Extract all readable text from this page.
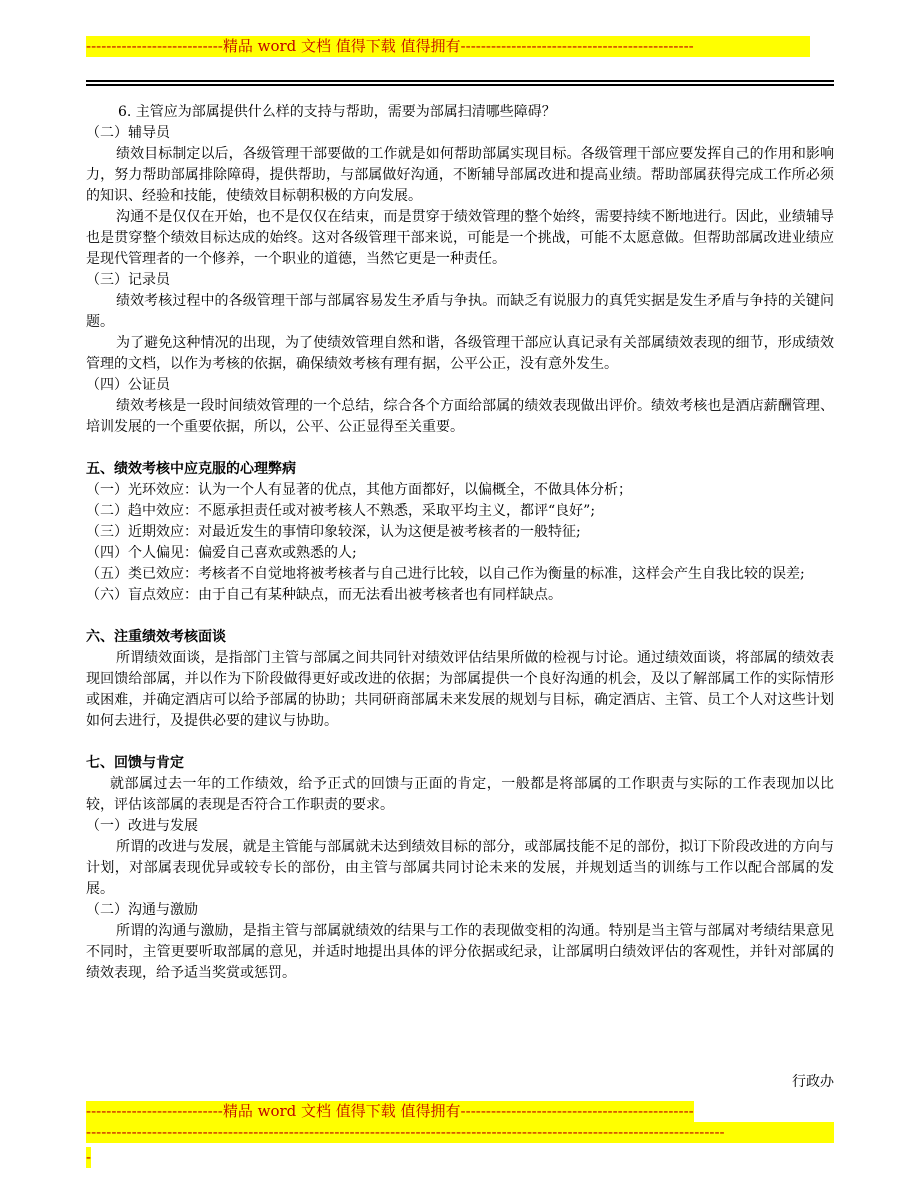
---------------------------精品 word 文档 值得下载 值得拥有----------------------------------------------
6. 主管应为部属提供什么样的支持与帮助，需要为部属扫清哪些障碍？
（二）辅导员
绩效目标制定以后，各级管理干部要做的工作就是如何帮助部属实现目标。各级管理干部应要发挥自己的作用和影响力，努力帮助部属排除障碍，提供帮助，与部属做好沟通，不断辅导部属改进和提高业绩。帮助部属获得完成工作所必须的知识、经验和技能，使绩效目标朝积极的方向发展。
沟通不是仅仅在开始，也不是仅仅在结束，而是贯穿于绩效管理的整个始终，需要持续不断地进行。因此，业绩辅导也是贯穿整个绩效目标达成的始终。这对各级管理干部来说，可能是一个挑战，可能不太愿意做。但帮助部属改进业绩应是现代管理者的一个修养，一个职业的道德，当然它更是一种责任。
（三）记录员
绩效考核过程中的各级管理干部与部属容易发生矛盾与争执。而缺乏有说服力的真凭实据是发生矛盾与争持的关键问题。
为了避免这种情况的出现，为了使绩效管理自然和谐，各级管理干部应认真记录有关部属绩效表现的细节，形成绩效管理的文档，以作为考核的依据，确保绩效考核有理有据，公平公正，没有意外发生。
（四）公证员
绩效考核是一段时间绩效管理的一个总结，综合各个方面给部属的绩效表现做出评价。绩效考核也是酒店薪酬管理、培训发展的一个重要依据，所以，公平、公正显得至关重要。
五、绩效考核中应克服的心理弊病
（一）光环效应： 认为一个人有显著的优点，其他方面都好，以偏概全，不做具体分析；
（二）趋中效应： 不愿承担责任或对被考核人不熟悉，采取平均主义，都评“良好”;
（三）近期效应： 对最近发生的事情印象较深，认为这便是被考核者的一般特征;
（四）个人偏见： 偏爱自己喜欢或熟悉的人;
（五）类已效应： 考核者不自觉地将被考核者与自己进行比较，以自己作为衡量的标准，这样会产生自我比较的误差;
（六）盲点效应： 由于自己有某种缺点，而无法看出被考核者也有同样缺点。
六、注重绩效考核面谈
所谓绩效面谈，是指部门主管与部属之间共同针对绩效评估结果所做的检视与讨论。通过绩效面谈，将部属的绩效表现回馈给部属，并以作为下阶段做得更好或改进的依据；为部属提供一个良好沟通的机会，及以了解部属工作的实际情形或困难，并确定酒店可以给予部属的协助；共同研商部属未来发展的规划与目标，确定酒店、主管、员工个人对这些计划如何去进行，及提供必要的建议与协助。
七、回馈与肯定
就部属过去一年的工作绩效，给予正式的回馈与正面的肯定，一般都是将部属的工作职责与实际的工作表现加以比较，评估该部属的表现是否符合工作职责的要求。
（一）改进与发展
所谓的改进与发展，就是主管能与部属就未达到绩效目标的部分，或部属技能不足的部份，拟订下阶段改进的方向与计划，对部属表现优异或较专长的部份，由主管与部属共同讨论未来的发展，并规划适当的训练与工作以配合部属的发展。
（二）沟通与激励
所谓的沟通与激励，是指主管与部属就绩效的结果与工作的表现做变相的沟通。特别是当主管与部属对考绩结果意见不同时，主管更要听取部属的意见，并适时地提出具体的评分依据或纪录，让部属明白绩效评估的客观性，并针对部属的绩效表现，给予适当奖赏或惩罚。
行政办
---------------------------精品 word 文档 值得下载 值得拥有----------------------------------------------
------------------------------------------------------------------------------------------------------------------------------
-
